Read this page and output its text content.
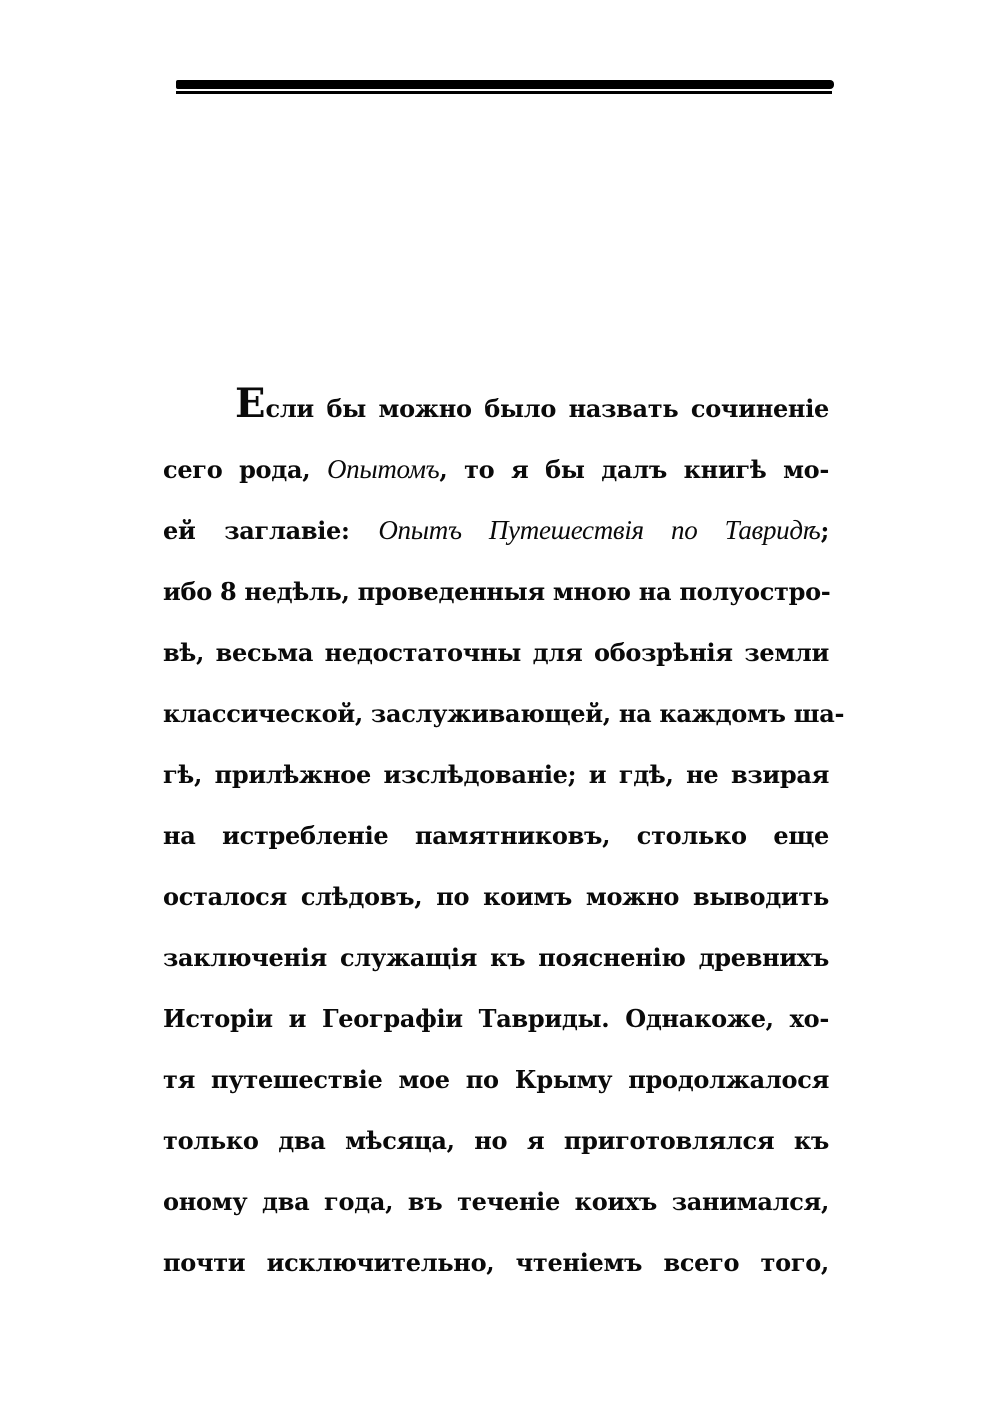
Если бы можно было назвать сочиненіе
сего рода, Опытомъ, то я бы далъ книгѣ мо-
ей заглавіе: Опытъ Путешествія по Тавридѣ;
ибо 8 недѣль, проведенныя мною на полуостро-
вѣ, весьма недостаточны для обозрѣнія земли
классической, заслуживающей, на каждомъ ша-
гѣ, прилѣжное изслѣдованіе; и гдѣ, не взирая
на истребленіе памятниковъ, столько еще
осталося слѣдовъ, по коимъ можно выводить
заключенія служащія къ поясненію древнихъ
Исторіи и Географіи Тавриды. Однакоже, хо-
тя путешествіе мое по Крыму продолжалося
только два мѣсяца, но я приготовлялся къ
оному два года, въ теченіе коихъ занимался,
почти исключительно, чтеніемъ всего того,
